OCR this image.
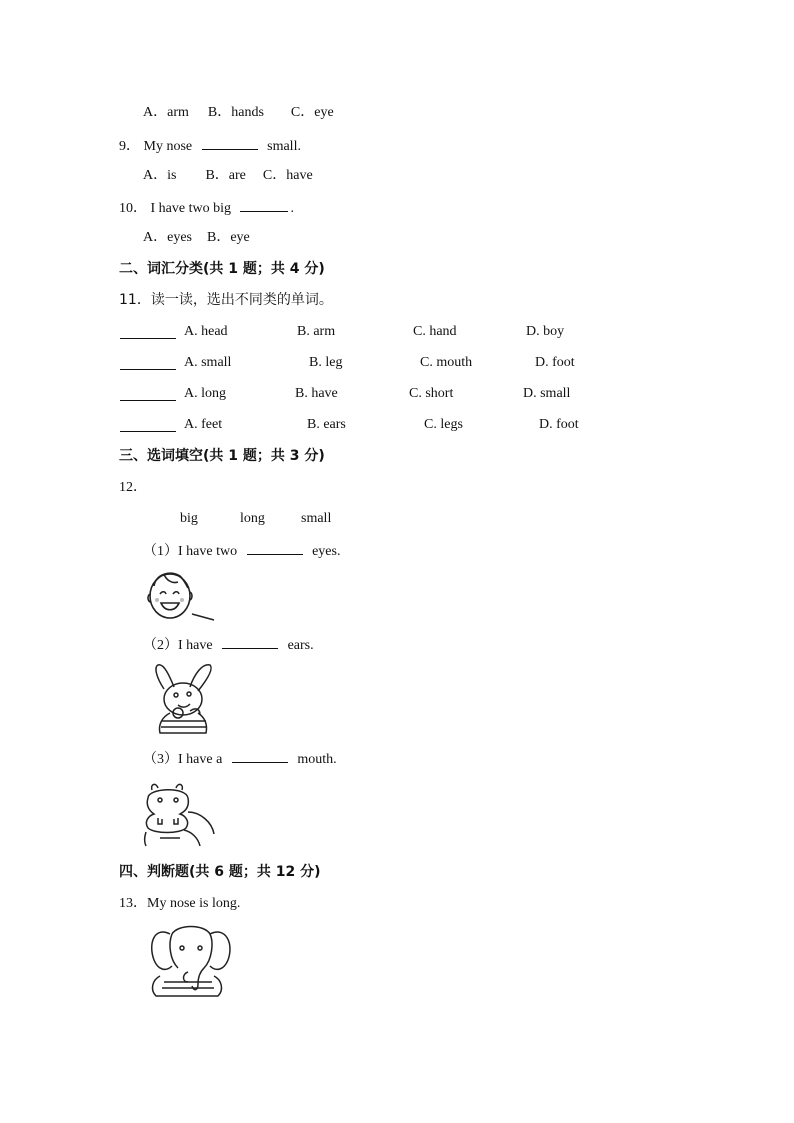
A．arm B．hands C．eye
9． My nose	small.
A．is B．are C．have
10． I have two big	.
A．eyes B．eye
二、词汇分类(共 1 题；共 4 分)
11．读一读，选出不同类的单词。
A. head	B. arm	C. hand	D. boy
A. small	B. leg	C. mouth	D. foot
A. long	B. have	C. short	D. small
A. feet	B. ears	C. legs	D. foot
三、选词填空(共 1 题；共 3 分)
12．
big	long	small
（1）I have two	eyes.
（2）I have	ears.
（3）I have a	mouth.
四、判断题(共 6 题；共 12 分)
13．My nose is long.
